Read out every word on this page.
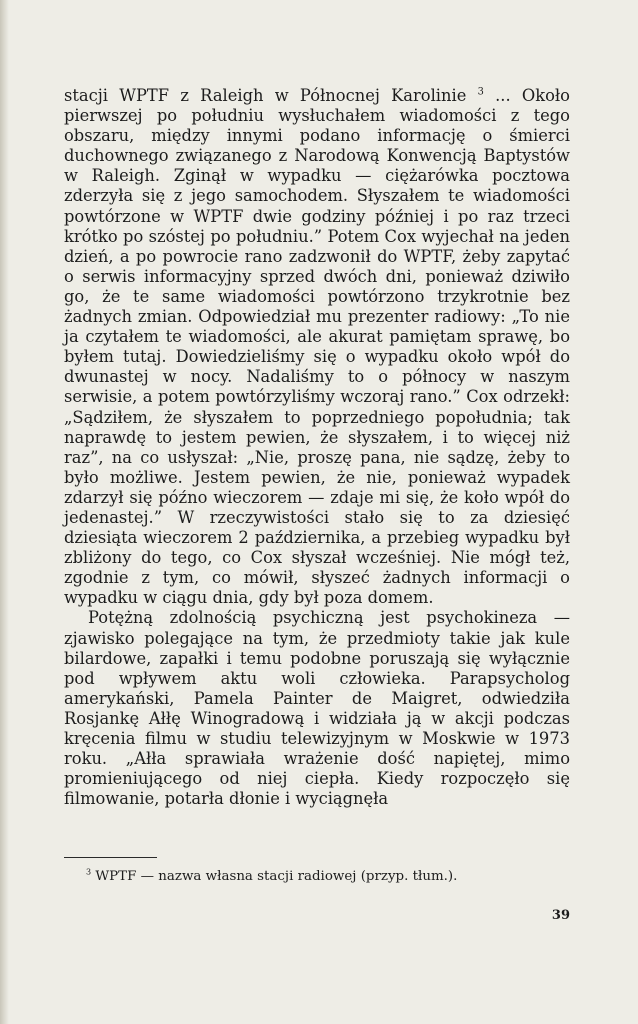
stacji WPTF z Raleigh w Północnej Karolinie $^3$ ... Około pierwszej po południu wysłuchałem wiadomości z tego obszaru, między innymi podano informację o śmierci duchownego związanego z Narodową Konwencją Baptystów w Raleigh. Zginął w wypadku — ciężarówka pocztowa zderzyła się z jego samochodem. Słyszałem te wiadomości powtórzone w WPTF dwie godziny później i po raz trzeci krótko po szóstej po południu.” Potem Cox wyjechał na jeden dzień, a po powrocie rano zadzwonił do WPTF, żeby zapytać o serwis informacyjny sprzed dwóch dni, ponieważ dziwiło go, że te same wiadomości powtórzono trzykrotnie bez żadnych zmian. Odpowiedział mu prezenter radiowy: „To nie ja czytałem te wiadomości, ale akurat pamiętam sprawę, bo byłem tutaj. Dowiedzieliśmy się o wypadku około wpół do dwunastej w nocy. Nadaliśmy to o północy w naszym serwisie, a potem powtórzyliśmy wczoraj rano.” Cox odrzekł: „Sądziłem, że słyszałem to poprzedniego popołudnia; tak naprawdę to jestem pewien, że słyszałem, i to więcej niż raz”, na co usłyszał: „Nie, proszę pana, nie sądzę, żeby to było możliwe. Jestem pewien, że nie, ponieważ wypadek zdarzył się późno wieczorem — zdaje mi się, że koło wpół do jedenastej.” W rzeczywistości stało się to za dziesięć dziesiąta wieczorem 2 października, a przebieg wypadku był zbliżony do tego, co Cox słyszał wcześniej. Nie mógł też, zgodnie z tym, co mówił, słyszeć żadnych informacji o wypadku w ciągu dnia, gdy był poza domem.

Potężną zdolnością psychiczną jest psychokineza — zjawisko polegające na tym, że przedmioty takie jak kule bilardowe, zapałki i temu podobne poruszają się wyłącznie pod wpływem aktu woli człowieka. Parapsycholog amerykański, Pamela Painter de Maigret, odwiedziła Rosjankę Ałłę Winogradową i widziała ją w akcji podczas kręcenia filmu w studiu telewizyjnym w Moskwie w 1973 roku. „Ałła sprawiała wrażenie dość napiętej, mimo promieniującego od niej ciepła. Kiedy rozpoczęło się filmowanie, potarła dłonie i wyciągnęła

$^3$ WPTF — nazwa własna stacji radiowej (przyp. tłum.).
39
